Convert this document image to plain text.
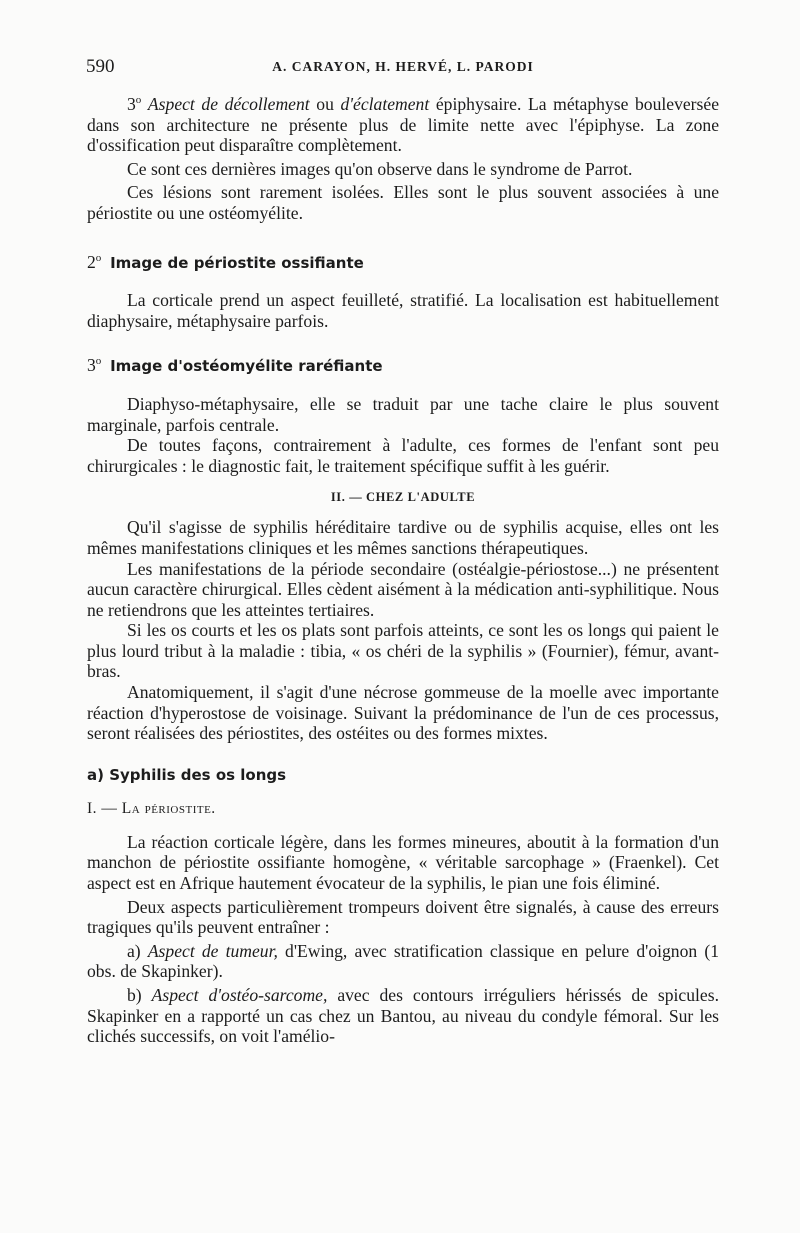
590	A. CARAYON, H. HERVÉ, L. PARODI

3$^o$ Aspect de décollement ou d'éclatement épiphysaire. La métaphyse bouleversée dans son architecture ne présente plus de limite nette avec l'épiphyse. La zone d'ossification peut disparaître complètement.

Ce sont ces dernières images qu'on observe dans le syndrome de Parrot.

Ces lésions sont rarement isolées. Elles sont le plus souvent associées à une périostite ou une ostéomyélite.

2$^o$ Image de périostite ossifiante

La corticale prend un aspect feuilleté, stratifié. La localisation est habituellement diaphysaire, métaphysaire parfois.

3$^o$ Image d'ostéomyélite raréfiante

Diaphyso-métaphysaire, elle se traduit par une tache claire le plus souvent marginale, parfois centrale.

De toutes façons, contrairement à l'adulte, ces formes de l'enfant sont peu chirurgicales : le diagnostic fait, le traitement spécifique suffit à les guérir.

II. — CHEZ L'ADULTE

Qu'il s'agisse de syphilis héréditaire tardive ou de syphilis acquise, elles ont les mêmes manifestations cliniques et les mêmes sanctions thérapeutiques.

Les manifestations de la période secondaire (ostéalgie-périostose...) ne présentent aucun caractère chirurgical. Elles cèdent aisément à la médication anti-syphilitique. Nous ne retiendrons que les atteintes tertiaires.

Si les os courts et les os plats sont parfois atteints, ce sont les os longs qui paient le plus lourd tribut à la maladie : tibia, « os chéri de la syphilis » (Fournier), fémur, avant-bras.

Anatomiquement, il s'agit d'une nécrose gommeuse de la moelle avec importante réaction d'hyperostose de voisinage. Suivant la prédominance de l'un de ces processus, seront réalisées des périostites, des ostéites ou des formes mixtes.

a) Syphilis des os longs
I. — La périostite.

La réaction corticale légère, dans les formes mineures, aboutit à la formation d'un manchon de périostite ossifiante homogène, « véritable sarcophage » (Fraenkel). Cet aspect est en Afrique hautement évocateur de la syphilis, le pian une fois éliminé.

Deux aspects particulièrement trompeurs doivent être signalés, à cause des erreurs tragiques qu'ils peuvent entraîner :

a) Aspect de tumeur, d'Ewing, avec stratification classique en pelure d'oignon (1 obs. de Skapinker).

b) Aspect d'ostéo-sarcome, avec des contours irréguliers hérissés de spicules. Skapinker en a rapporté un cas chez un Bantou, au niveau du condyle fémoral. Sur les clichés successifs, on voit l'amélio-
